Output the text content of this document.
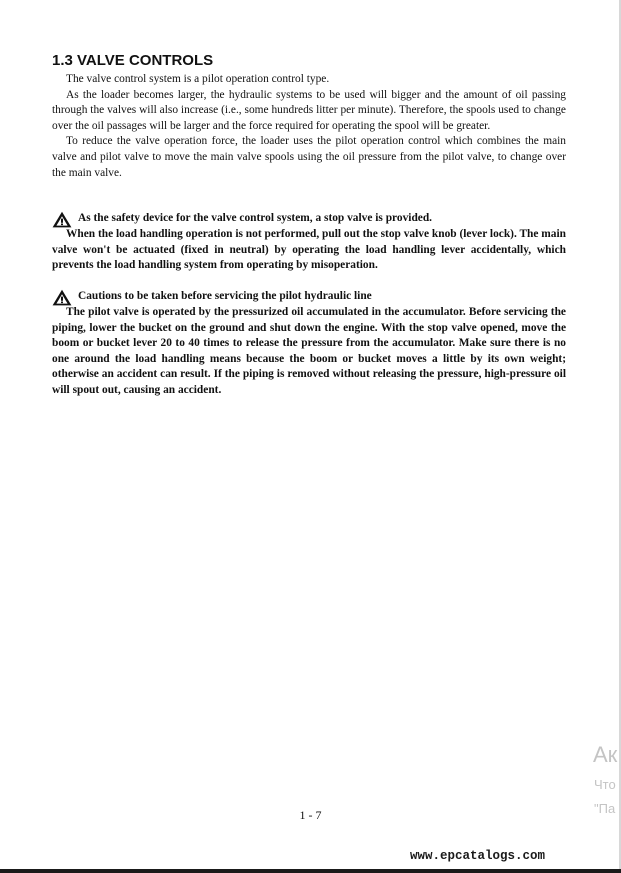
1.3 VALVE CONTROLS

The valve control system is a pilot operation control type.

As the loader becomes larger, the hydraulic systems to be used will bigger and the amount of oil passing through the valves will also increase (i.e., some hundreds litter per minute). Therefore, the spools used to change over the oil passages will be larger and the force required for operating the spool will be greater.

To reduce the valve operation force, the loader uses the pilot operation control which combines the main valve and pilot valve to move the main valve spools using the oil pressure from the pilot valve, to change over the main valve.

As the safety device for the valve control system, a stop valve is provided.

When the load handling operation is not performed, pull out the stop valve knob (lever lock). The main valve won't be actuated (fixed in neutral) by operating the load handling lever accidentally, which prevents the load handling system from operating by misoperation.

Cautions to be taken before servicing the pilot hydraulic line

The pilot valve is operated by the pressurized oil accumulated in the accumulator. Before servicing the piping, lower the bucket on the ground and shut down the engine. With the stop valve opened, move the boom or bucket lever 20 to 40 times to release the pressure from the accumulator. Make sure there is no one around the load handling means because the boom or bucket moves a little by its own weight; otherwise an accident can result. If the piping is removed without releasing the pressure, high-pressure oil will spout out, causing an accident.

Ак
Что
"Па
1 - 7
www.epcatalogs.com
